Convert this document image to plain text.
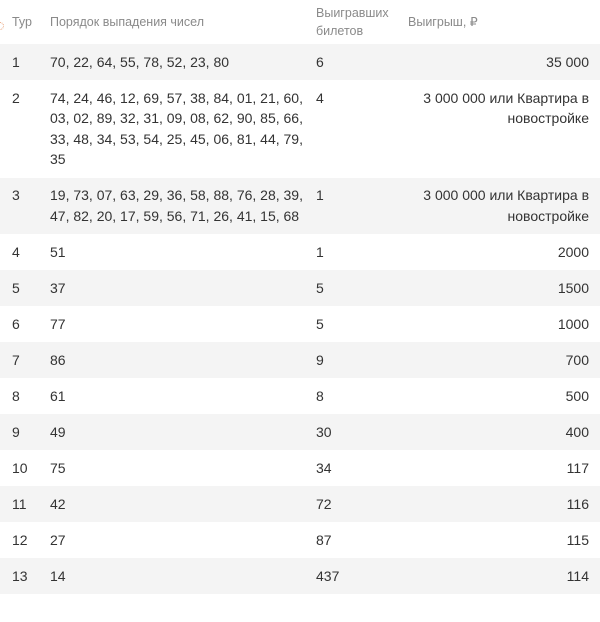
Тур	Порядок выпадения чисел	Выигравших билетов	Выигрыш, ₽
1	70, 22, 64, 55, 78, 52, 23, 80	6	35 000
2	74, 24, 46, 12, 69, 57, 38, 84, 01, 21, 60, 03, 02, 89, 32, 31, 09, 08, 62, 90, 85, 66, 33, 48, 34, 53, 54, 25, 45, 06, 81, 44, 79, 35	4	3 000 000 или Квартира в новостройке
3	19, 73, 07, 63, 29, 36, 58, 88, 76, 28, 39, 47, 82, 20, 17, 59, 56, 71, 26, 41, 15, 68	1	3 000 000 или Квартира в новостройке
4	51	1	2000
5	37	5	1500
6	77	5	1000
7	86	9	700
8	61	8	500
9	49	30	400
10	75	34	117
11	42	72	116
12	27	87	115
13	14	437	114
